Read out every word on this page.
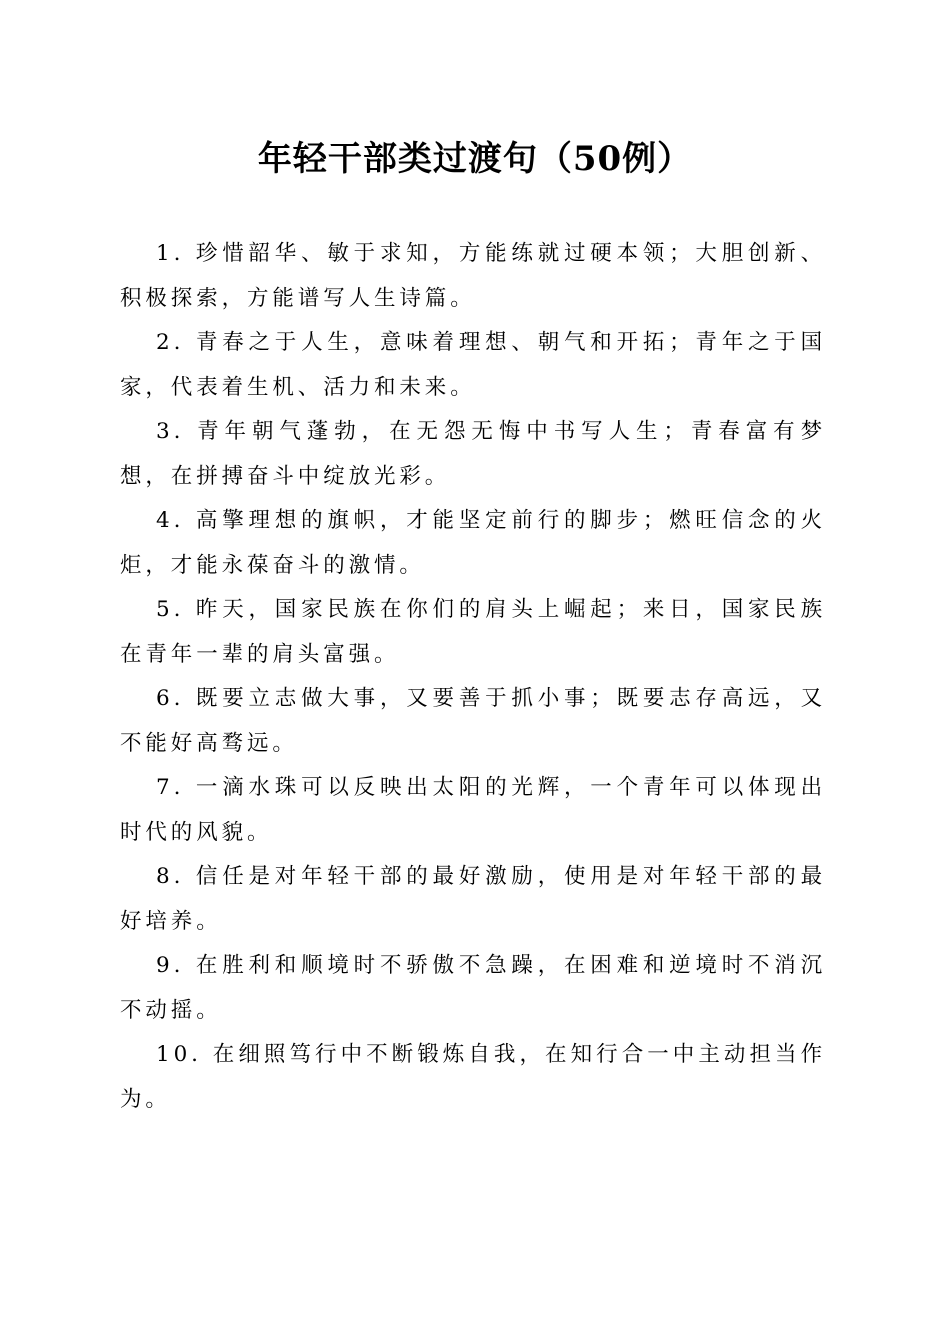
年轻干部类过渡句（50例）
1. 珍惜韶华、敏于求知，方能练就过硬本领；大胆创新、积极探索，方能谱写人生诗篇。
2. 青春之于人生，意味着理想、朝气和开拓；青年之于国家，代表着生机、活力和未来。
3. 青年朝气蓬勃，在无怨无悔中书写人生；青春富有梦想，在拼搏奋斗中绽放光彩。
4. 高擎理想的旗帜，才能坚定前行的脚步；燃旺信念的火炬，才能永葆奋斗的激情。
5. 昨天，国家民族在你们的肩头上崛起；来日，国家民族在青年一辈的肩头富强。
6. 既要立志做大事，又要善于抓小事；既要志存高远，又不能好高骛远。
7. 一滴水珠可以反映出太阳的光辉，一个青年可以体现出时代的风貌。
8. 信任是对年轻干部的最好激励，使用是对年轻干部的最好培养。
9. 在胜利和顺境时不骄傲不急躁，在困难和逆境时不消沉不动摇。
10. 在细照笃行中不断锻炼自我，在知行合一中主动担当作为。
